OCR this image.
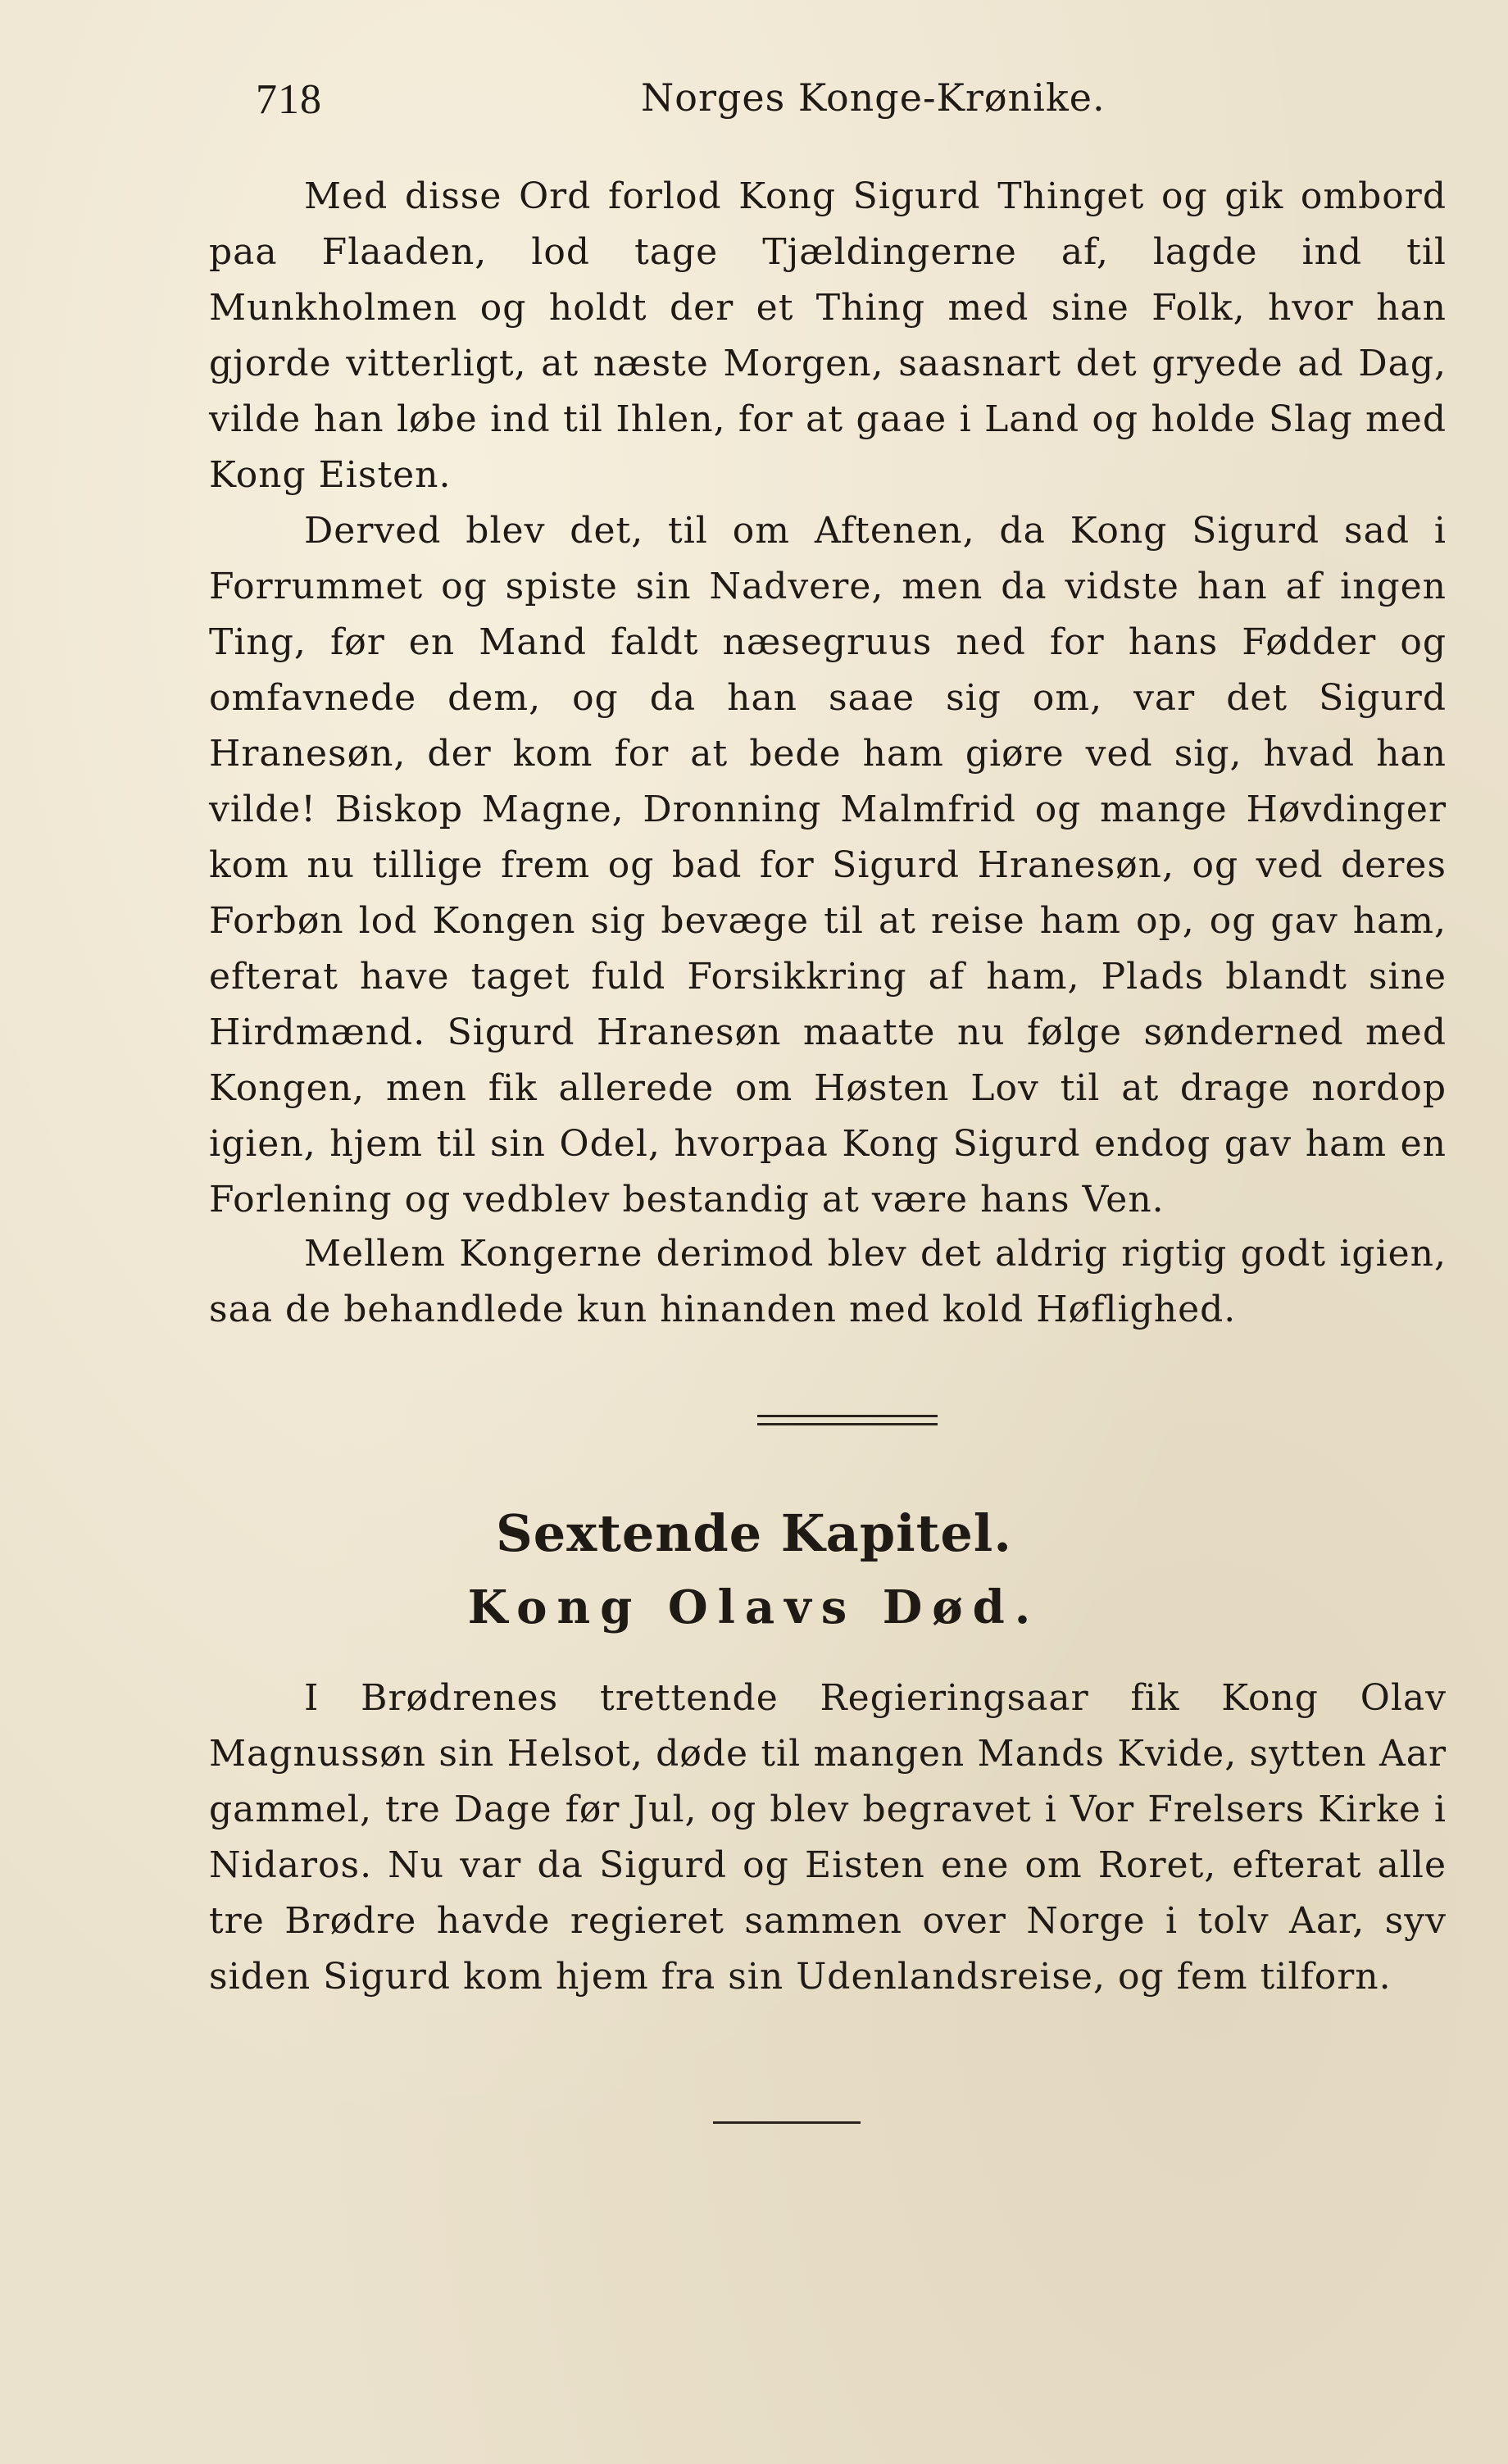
718	Norges Konge-Krønike.

Med disse Ord forlod Kong Sigurd Thinget og gik ombord paa Flaaden, lod tage Tjældingerne af, lagde ind til Munkholmen og holdt der et Thing med sine Folk, hvor han gjorde vitterligt, at næste Morgen, saasnart det gryede ad Dag, vilde han løbe ind til Ihlen, for at gaae i Land og holde Slag med Kong Eisten.

Derved blev det, til om Aftenen, da Kong Sigurd sad i Forrummet og spiste sin Nadvere, men da vidste han af ingen Ting, før en Mand faldt næsegruus ned for hans Fødder og omfavnede dem, og da han saae sig om, var det Sigurd Hranesøn, der kom for at bede ham giøre ved sig, hvad han vilde! Biskop Magne, Dronning Malmfrid og mange Høvdinger kom nu tillige frem og bad for Sigurd Hranesøn, og ved deres Forbøn lod Kongen sig bevæge til at reise ham op, og gav ham, efterat have taget fuld Forsikkring af ham, Plads blandt sine Hirdmænd. Sigurd Hranesøn maatte nu følge sønderned med Kongen, men fik allerede om Høsten Lov til at drage nordop igien, hjem til sin Odel, hvorpaa Kong Sigurd endog gav ham en Forlening og vedblev bestandig at være hans Ven.

Mellem Kongerne derimod blev det aldrig rigtig godt igien, saa de behandlede kun hinanden med kold Høflighed.

Sextende Kapitel.
Kong Olavs Død.

I Brødrenes trettende Regieringsaar fik Kong Olav Magnussøn sin Helsot, døde til mangen Mands Kvide, sytten Aar gammel, tre Dage før Jul, og blev begravet i Vor Frelsers Kirke i Nidaros. Nu var da Sigurd og Eisten ene om Roret, efterat alle tre Brødre havde regieret sammen over Norge i tolv Aar, syv siden Sigurd kom hjem fra sin Udenlandsreise, og fem tilforn.
